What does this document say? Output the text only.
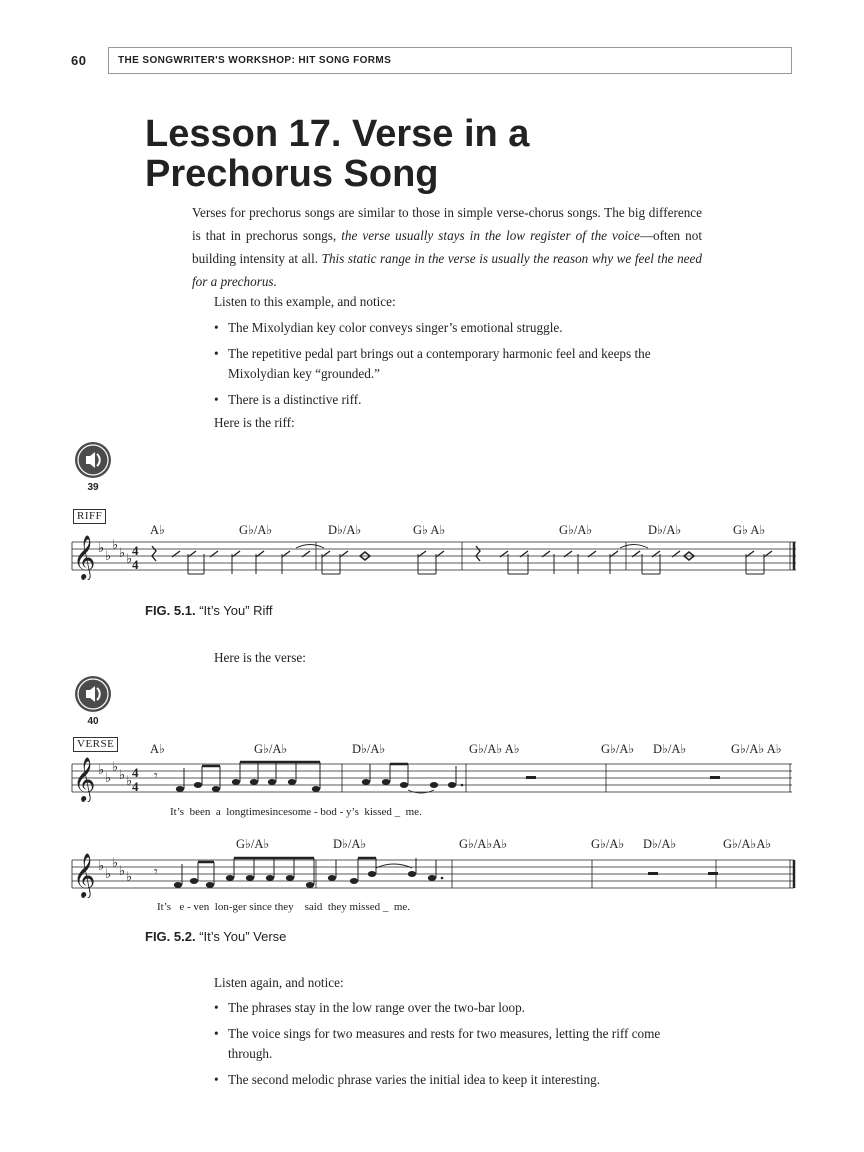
60	THE SONGWRITER'S WORKSHOP: HIT SONG FORMS
Lesson 17. Verse in a
Prechorus Song
Verses for prechorus songs are similar to those in simple verse-chorus songs. The big difference is that in prechorus songs, the verse usually stays in the low register of the voice—often not building intensity at all. This static range in the verse is usually the reason why we feel the need for a prechorus.
Listen to this example, and notice:
• The Mixolydian key color conveys singer’s emotional struggle.
• The repetitive pedal part brings out a contemporary harmonic feel and keeps the Mixolydian key “grounded.”
• There is a distinctive riff.
Here is the riff:
39
RIFF
A♭	G♭/A♭	D♭/A♭	G♭ A♭	G♭/A♭	D♭/A♭	G♭ A♭
𝄞 ♭
♭
♭
♭ ♭
4
4
FIG. 5.1. “It’s You” Riff
Here is the verse:
40
VERSE	A♭	G♭/A♭	D♭/A♭	G♭/A♭ A♭	G♭/A♭ D♭/A♭	G♭/A♭ A♭
𝄞 ♭
♭
♭
♭ ♭
4
4
𝄾
It’s been a longtimesincesome - bod - y’s kissed _ me.
G♭/A♭	D♭/A♭	G♭/A♭A♭	G♭/A♭ D♭/A♭	G♭/A♭A♭
𝄞 ♭
♭
♭
♭ ♭ 𝄾
It’s e - ven lon-ger since they said they missed _ me.
FIG. 5.2. “It’s You” Verse
Listen again, and notice:
• The phrases stay in the low range over the two-bar loop.
• The voice sings for two measures and rests for two measures, letting the riff come through.
• The second melodic phrase varies the initial idea to keep it interesting.
